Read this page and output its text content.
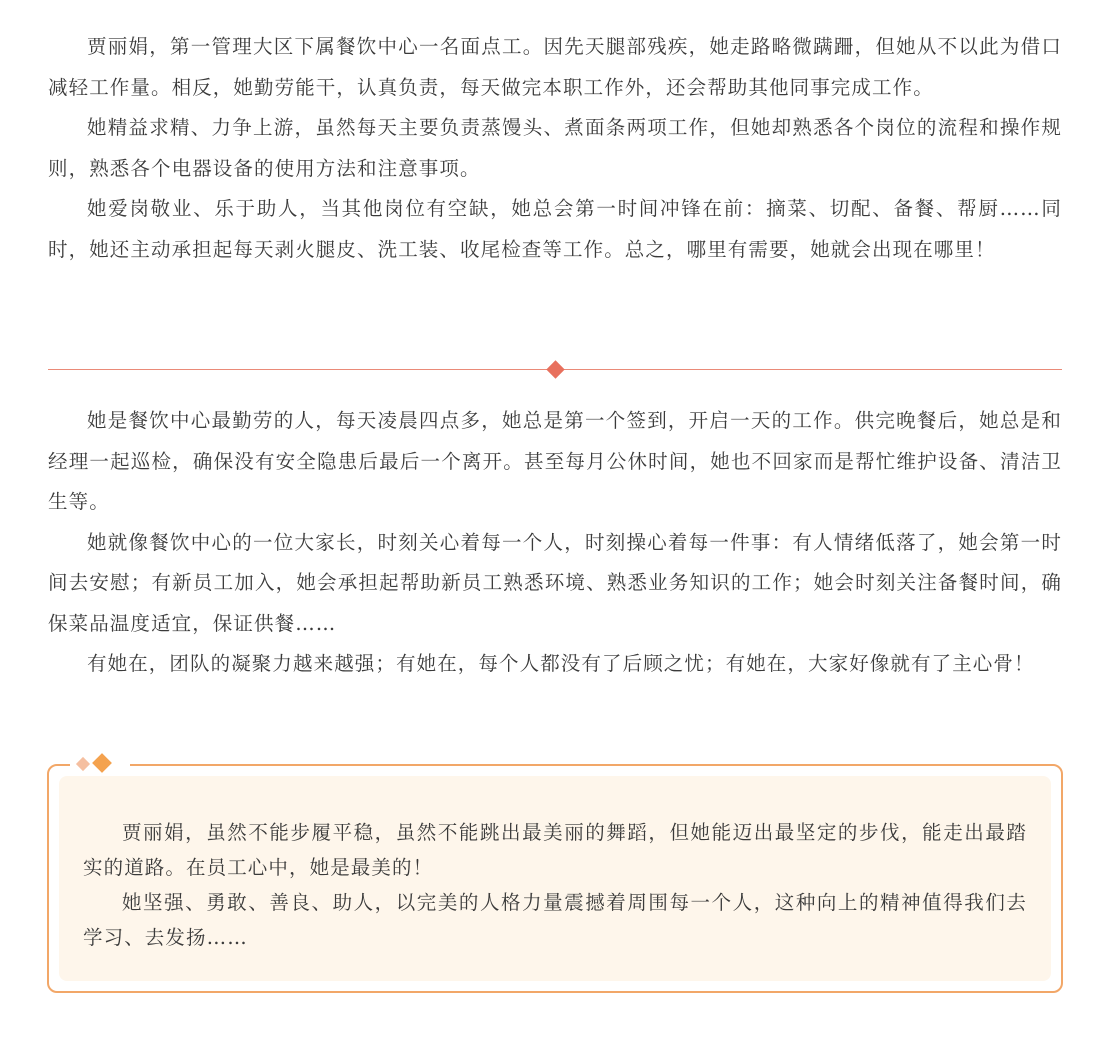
贾丽娟，第一管理大区下属餐饮中心一名面点工。因先天腿部残疾，她走路略微蹒跚，但她从不以此为借口减轻工作量。相反，她勤劳能干，认真负责，每天做完本职工作外，还会帮助其他同事完成工作。

她精益求精、力争上游，虽然每天主要负责蒸馒头、煮面条两项工作，但她却熟悉各个岗位的流程和操作规则，熟悉各个电器设备的使用方法和注意事项。

她爱岗敬业、乐于助人，当其他岗位有空缺，她总会第一时间冲锋在前：摘菜、切配、备餐、帮厨……同时，她还主动承担起每天剥火腿皮、洗工装、收尾检查等工作。总之，哪里有需要，她就会出现在哪里！

她是餐饮中心最勤劳的人，每天凌晨四点多，她总是第一个签到，开启一天的工作。供完晚餐后，她总是和经理一起巡检，确保没有安全隐患后最后一个离开。甚至每月公休时间，她也不回家而是帮忙维护设备、清洁卫生等。

她就像餐饮中心的一位大家长，时刻关心着每一个人，时刻操心着每一件事：有人情绪低落了，她会第一时间去安慰；有新员工加入，她会承担起帮助新员工熟悉环境、熟悉业务知识的工作；她会时刻关注备餐时间，确保菜品温度适宜，保证供餐……

有她在，团队的凝聚力越来越强；有她在，每个人都没有了后顾之忧；有她在，大家好像就有了主心骨！

贾丽娟，虽然不能步履平稳，虽然不能跳出最美丽的舞蹈，但她能迈出最坚定的步伐，能走出最踏实的道路。在员工心中，她是最美的！

她坚强、勇敢、善良、助人，以完美的人格力量震撼着周围每一个人，这种向上的精神值得我们去学习、去发扬……
